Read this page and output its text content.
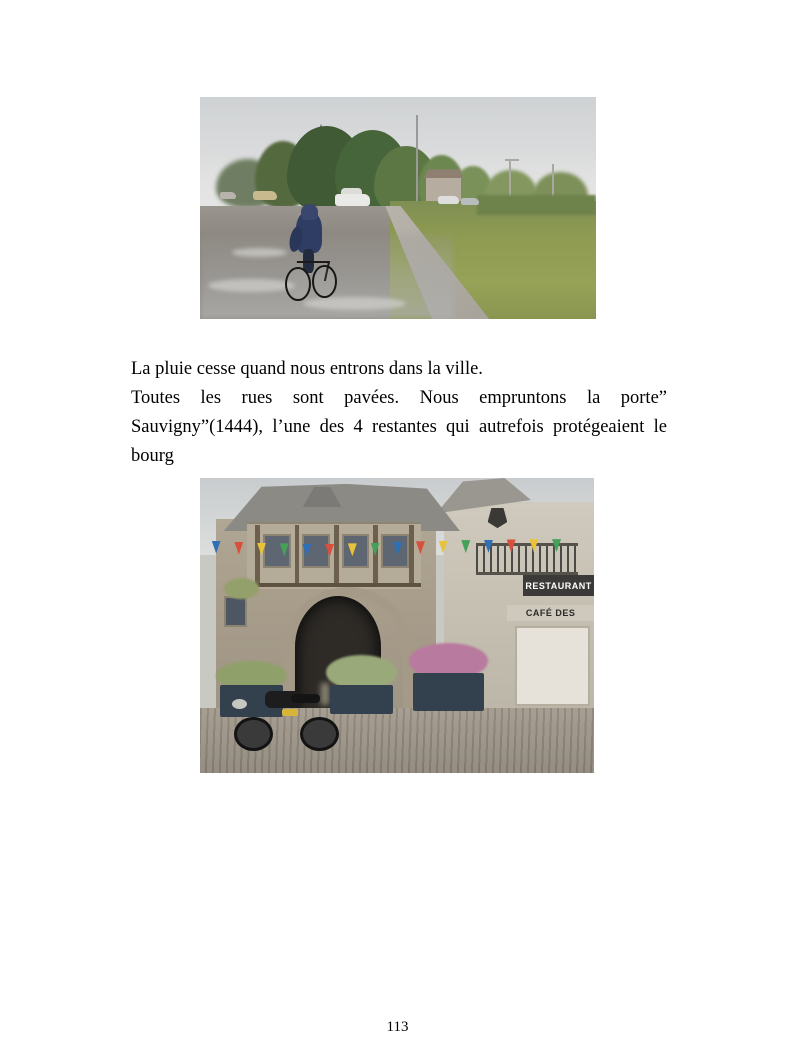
La pluie cesse quand nous entrons dans la ville.

Toutes les rues sont pavées. Nous empruntons la porte” Sauvigny”(1444), l’une des 4 restantes qui autrefois protégeaient le bourg

RESTAURANT
CAFÉ DES
113
